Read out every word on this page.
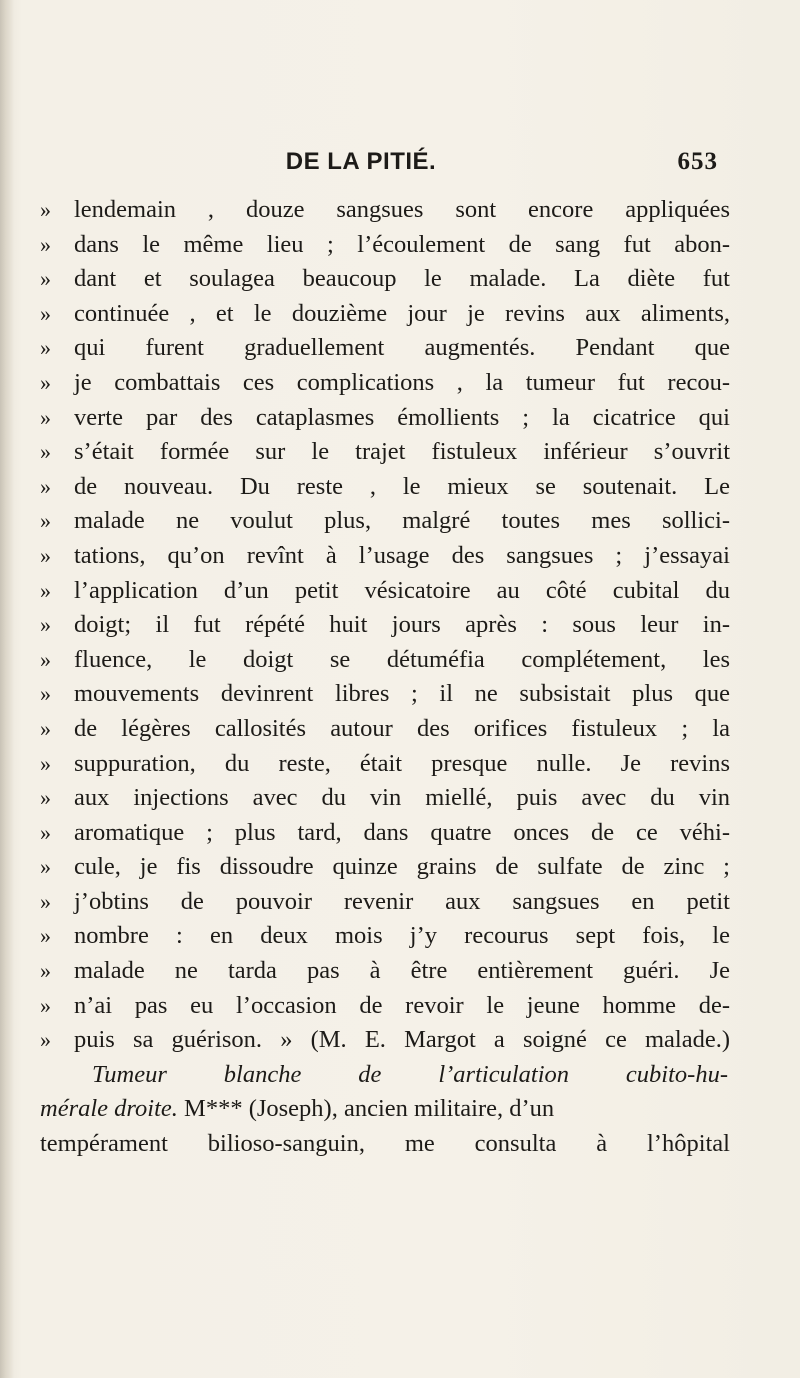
DE LA PITIÉ.	653
» lendemain , douze sangsues sont encore appliquées
» dans le même lieu ; l’écoulement de sang fut abon-
» dant et soulagea beaucoup le malade. La diète fut
» continuée , et le douzième jour je revins aux aliments,
» qui furent graduellement augmentés. Pendant que
» je combattais ces complications , la tumeur fut recou-
» verte par des cataplasmes émollients ; la cicatrice qui
» s’était formée sur le trajet fistuleux inférieur s’ouvrit
» de nouveau. Du reste , le mieux se soutenait. Le
» malade ne voulut plus, malgré toutes mes sollici-
» tations, qu’on revînt à l’usage des sangsues ; j’essayai
» l’application d’un petit vésicatoire au côté cubital du
» doigt; il fut répété huit jours après : sous leur in-
» fluence, le doigt se détuméfia complétement, les
» mouvements devinrent libres ; il ne subsistait plus que
» de légères callosités autour des orifices fistuleux ; la
» suppuration, du reste, était presque nulle. Je revins
» aux injections avec du vin miellé, puis avec du vin
» aromatique ; plus tard, dans quatre onces de ce véhi-
» cule, je fis dissoudre quinze grains de sulfate de zinc ;
» j’obtins de pouvoir revenir aux sangsues en petit
» nombre : en deux mois j’y recourus sept fois, le
» malade ne tarda pas à être entièrement guéri. Je
» n’ai pas eu l’occasion de revoir le jeune homme de-
» puis sa guérison. » (M. E. Margot a soigné ce malade.)
Tumeur blanche de l’articulation cubito-hu-
mérale droite. M*** (Joseph), ancien militaire, d’un
tempérament bilioso-sanguin, me consulta à l’hôpital
